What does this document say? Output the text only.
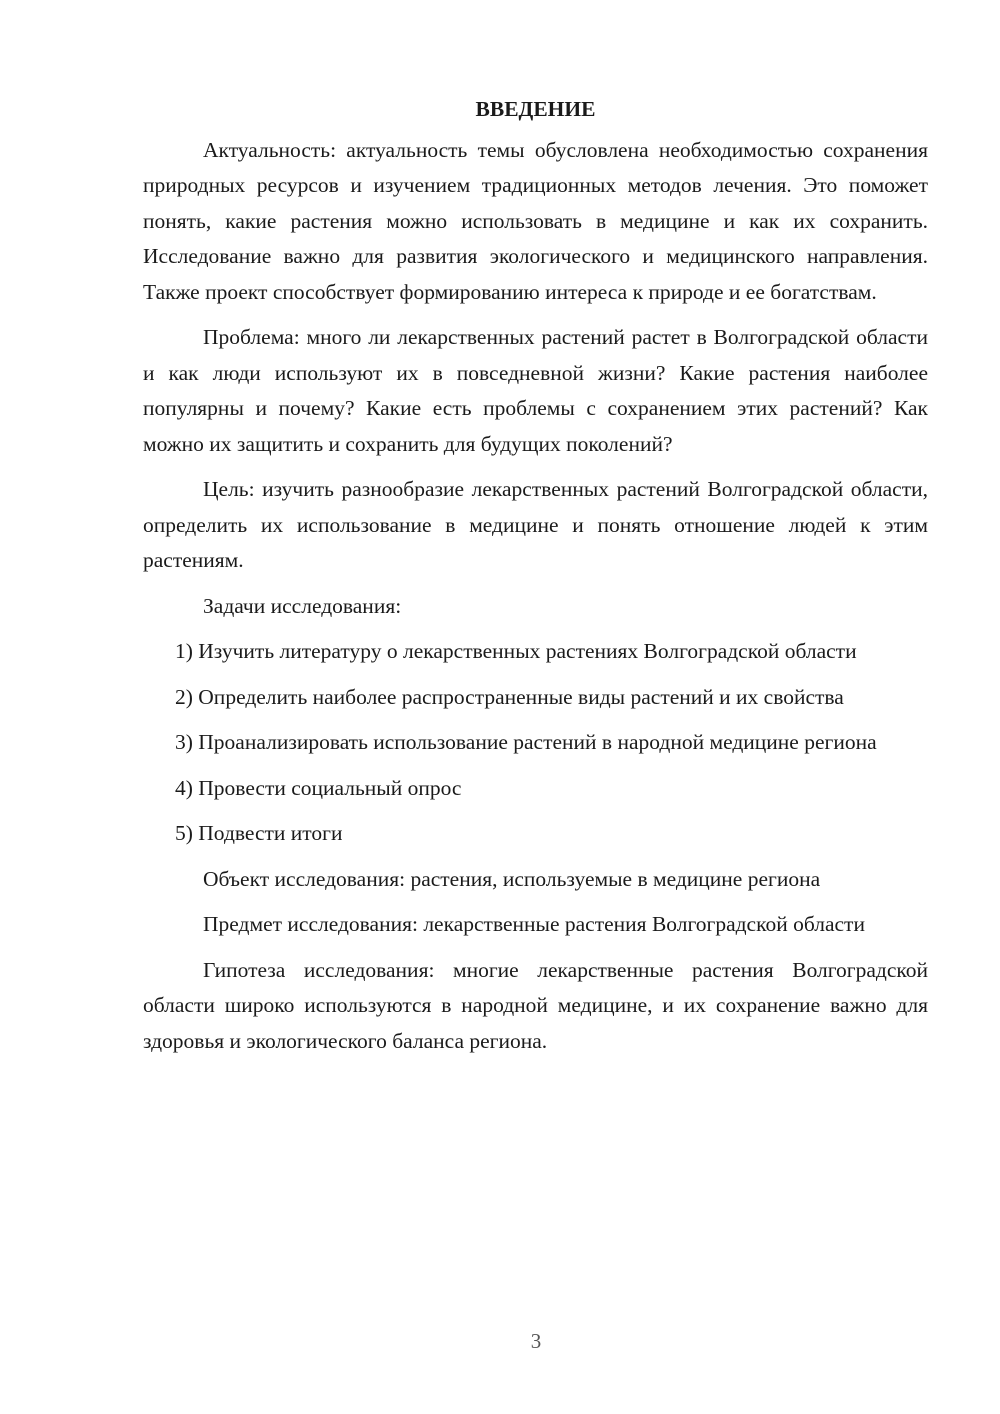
ВВЕДЕНИЕ

Актуальность: актуальность темы обусловлена необходимостью сохранения природных ресурсов и изучением традиционных методов лечения. Это поможет понять, какие растения можно использовать в медицине и как их сохранить. Исследование важно для развития экологического и медицинского направления. Также проект способствует формированию интереса к природе и ее богатствам.

Проблема: много ли лекарственных растений растет в Волгоградской области и как люди используют их в повседневной жизни? Какие растения наиболее популярны и почему? Какие есть проблемы с сохранением этих растений? Как можно их защитить и сохранить для будущих поколений?

Цель: изучить разнообразие лекарственных растений Волгоградской области, определить их использование в медицине и понять отношение людей к этим растениям.

Задачи исследования:

1) Изучить литературу о лекарственных растениях Волгоградской области

2) Определить наиболее распространенные виды растений и их свойства

3) Проанализировать использование растений в народной медицине региона

4) Провести социальный опрос

5) Подвести итоги

Объект исследования: растения, используемые в медицине региона

Предмет исследования: лекарственные растения Волгоградской области

Гипотеза исследования: многие лекарственные растения Волгоградской области широко используются в народной медицине, и их сохранение важно для здоровья и экологического баланса региона.

3
